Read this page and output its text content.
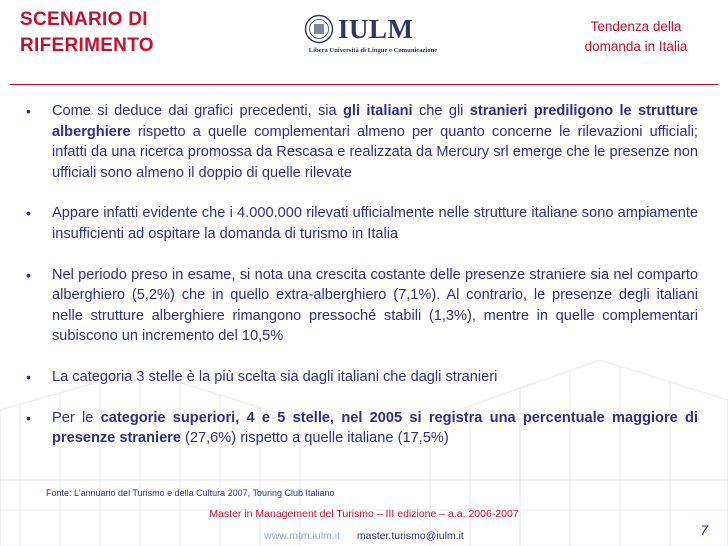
SCENARIO DI
RIFERIMENTO
IULM
Libera Università di Lingue e Comunicazione
Tendenza della
domanda in Italia
• Come si deduce dai grafici precedenti, sia gli italiani che gli stranieri prediligono le strutture alberghiere rispetto a quelle complementari almeno per quanto concerne le rilevazioni ufficiali; infatti da una ricerca promossa da Rescasa e realizzata da Mercury srl emerge che le presenze non ufficiali sono almeno il doppio di quelle rilevate
• Appare infatti evidente che i 4.000.000 rilevati ufficialmente nelle strutture italiane sono ampiamente insufficienti ad ospitare la domanda di turismo in Italia
• Nel periodo preso in esame, si nota una crescita costante delle presenze straniere sia nel comparto alberghiero (5,2%) che in quello extra-alberghiero (7,1%). Al contrario, le presenze degli italiani nelle strutture alberghiere rimangono pressoché stabili (1,3%), mentre in quelle complementari subiscono un incremento del 10,5%
• La categoria 3 stelle è la più scelta sia dagli italiani che dagli stranieri
• Per le categorie superiori, 4 e 5 stelle, nel 2005 si registra una percentuale maggiore di presenze straniere (27,6%) rispetto a quelle italiane (17,5%)
Fonte: L’annuario del Turismo e della Cultura 2007, Touring Club Italiano
Master in Management del Turismo – III edizione – a.a. 2006-2007
www.mtm.iulm.it master.turismo@iulm.it	7
